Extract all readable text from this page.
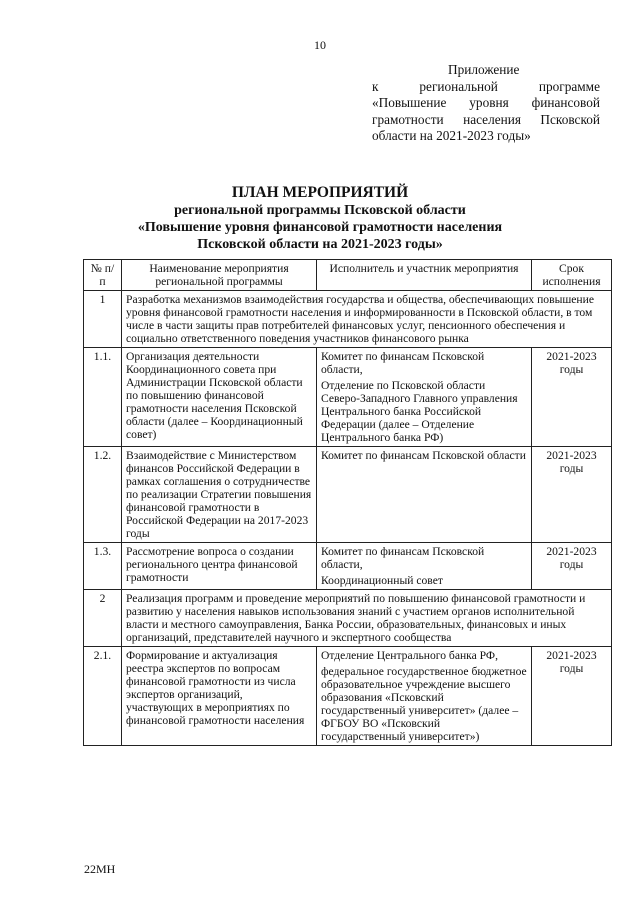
10
Приложение
к региональной программе
«Повышение уровня финансовой
грамотности населения Псковской
области на 2021-2023 годы»
ПЛАН МЕРОПРИЯТИЙ
региональной программы Псковской области
«Повышение уровня финансовой грамотности населения
Псковской области на 2021-2023 годы»
№ п/п	Наименование мероприятия региональной программы	Исполнитель и участник мероприятия	Срок исполнения
1	Разработка механизмов взаимодействия государства и общества, обеспечивающих повышение уровня финансовой грамотности населения и информированности в Псковской области, в том числе в части защиты прав потребителей финансовых услуг, пенсионного обеспечения и социально ответственного поведения участников финансового рынка		
1.1.	Организация деятельности Координационного совета при Администрации Псковской области по повышению финансовой грамотности населения Псковской области (далее – Координационный совет)	Комитет по финансам Псковской области,
Отделение по Псковской области Северо-Западного Главного управления Центрального банка Российской Федерации (далее – Отделение Центрального банка РФ)	2021-2023 годы
1.2.	Взаимодействие с Министерством финансов Российской Федерации в рамках соглашения о сотрудничестве по реализации Стратегии повышения финансовой грамотности в Российской Федерации на 2017-2023 годы	Комитет по финансам Псковской области	2021-2023 годы
1.3.	Рассмотрение вопроса о создании регионального центра финансовой грамотности	Комитет по финансам Псковской области,
Координационный совет	2021-2023 годы
2	Реализация программ и проведение мероприятий по повышению финансовой грамотности и развитию у населения навыков использования знаний с участием органов исполнительной власти и местного самоуправления, Банка России, образовательных, финансовых и иных организаций, представителей научного и экспертного сообщества		
2.1.	Формирование и актуализация реестра экспертов по вопросам финансовой грамотности из числа экспертов организаций, участвующих в мероприятиях по финансовой грамотности населения	Отделение Центрального банка РФ,
федеральное государственное бюджетное образовательное учреждение высшего образования «Псковский государственный университет» (далее – ФГБОУ ВО «Псковский государственный университет»)	2021-2023 годы
22МН
